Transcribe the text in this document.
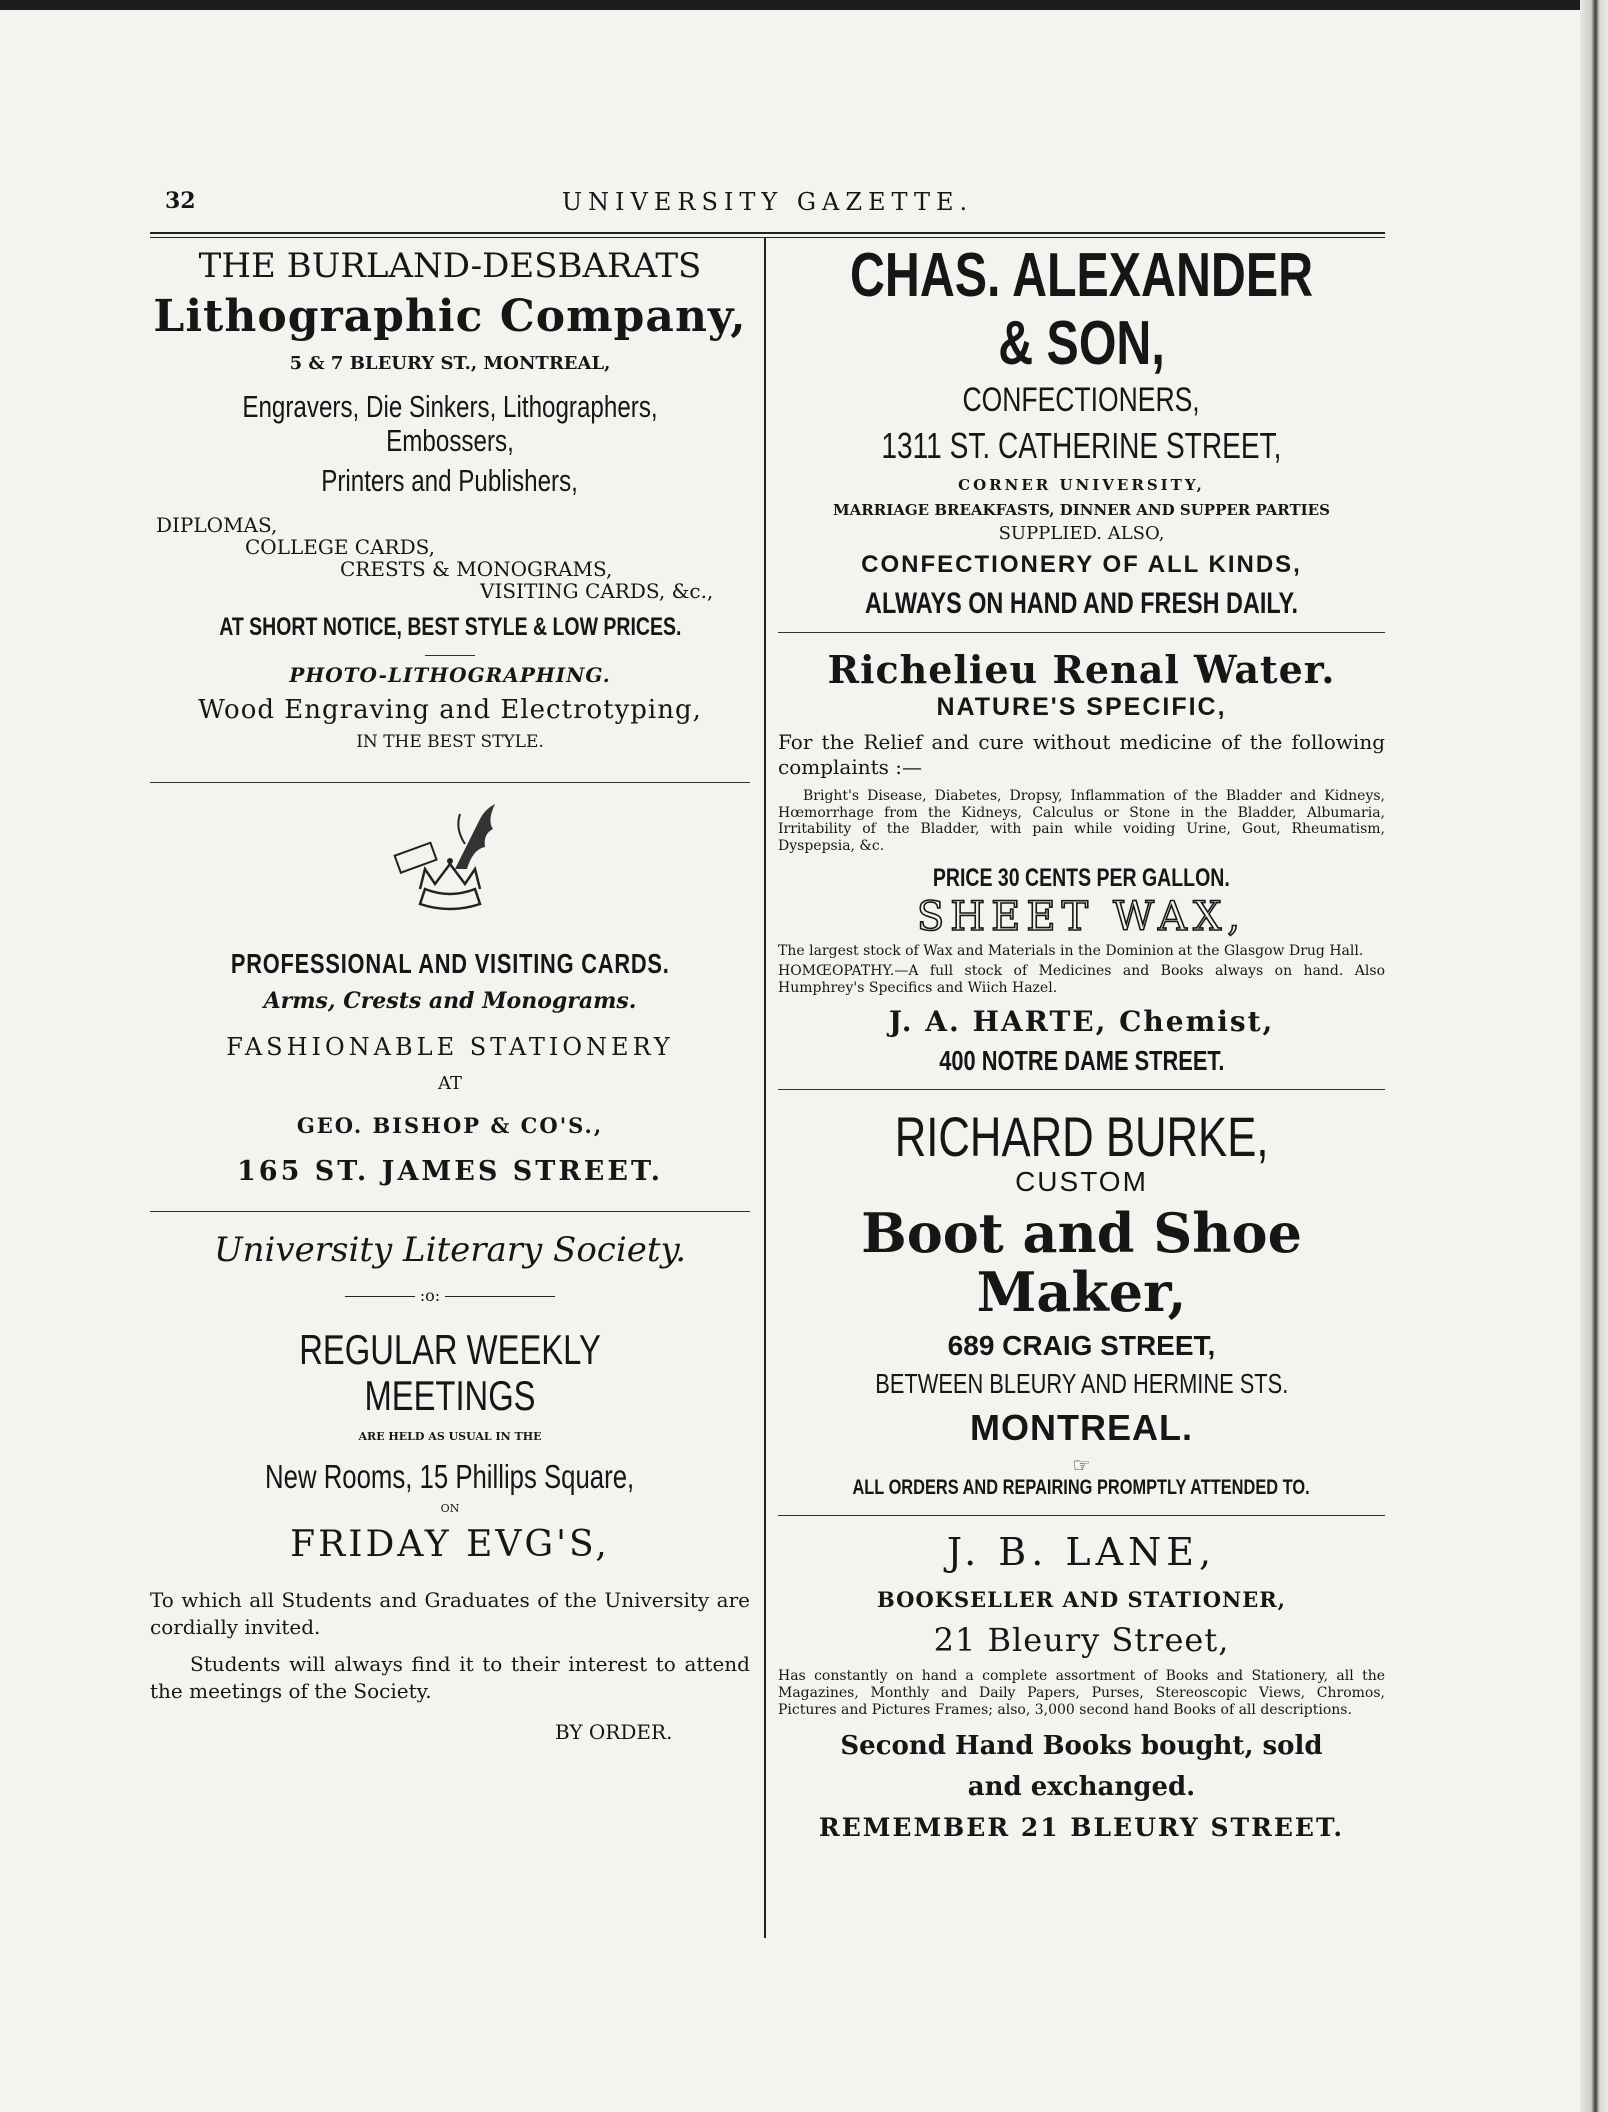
32	UNIVERSITY GAZETTE.

THE BURLAND-DESBARATS

Lithographic Company,

5 & 7 BLEURY ST., MONTREAL,

Engravers, Die Sinkers, Lithographers, Embossers,

Printers and Publishers,

DIPLOMAS,

COLLEGE CARDS,

CRESTS & MONOGRAMS,

VISITING CARDS, &c.,

AT SHORT NOTICE, BEST STYLE & LOW PRICES.

PHOTO-LITHOGRAPHING.

Wood Engraving and Electrotyping,

IN THE BEST STYLE.

PROFESSIONAL AND VISITING CARDS.

Arms, Crests and Monograms.

FASHIONABLE STATIONERY

AT

GEO. BISHOP & CO'S.,

165 ST. JAMES STREET.

University Literary Society.

:o:

REGULAR WEEKLY MEETINGS

ARE HELD AS USUAL IN THE

New Rooms, 15 Phillips Square,

ON

FRIDAY EVG'S,

To which all Students and Graduates of the University are cordially invited.

Students will always find it to their interest to attend the meetings of the Society.

BY ORDER.

CHAS. ALEXANDER & SON,

CONFECTIONERS,

1311 ST. CATHERINE STREET,

CORNER UNIVERSITY,

MARRIAGE BREAKFASTS, DINNER AND SUPPER PARTIES

SUPPLIED. ALSO,

CONFECTIONERY OF ALL KINDS,

ALWAYS ON HAND AND FRESH DAILY.

Richelieu Renal Water.

NATURE'S SPECIFIC,

For the Relief and cure without medicine of the following complaints :—

Bright's Disease, Diabetes, Dropsy, Inflammation of the Bladder and Kidneys, Hœmorrhage from the Kidneys, Calculus or Stone in the Bladder, Albumaria, Irritability of the Bladder, with pain while voiding Urine, Gout, Rheumatism, Dyspepsia, &c.

PRICE 30 CENTS PER GALLON.

SHEET WAX,

The largest stock of Wax and Materials in the Dominion at the Glasgow Drug Hall.

HOMŒOPATHY.—A full stock of Medicines and Books always on hand. Also Humphrey's Specifics and Wiich Hazel.

J. A. HARTE, Chemist,

400 NOTRE DAME STREET.

RICHARD BURKE,

CUSTOM

Boot and Shoe Maker,

689 CRAIG STREET,

BETWEEN BLEURY AND HERMINE STS.

MONTREAL.

☞ ALL ORDERS AND REPAIRING PROMPTLY ATTENDED TO.

J. B. LANE,

BOOKSELLER AND STATIONER,

21 Bleury Street,

Has constantly on hand a complete assortment of Books and Stationery, all the Magazines, Monthly and Daily Papers, Purses, Stereoscopic Views, Chromos, Pictures and Pictures Frames; also, 3,000 second hand Books of all descriptions.

Second Hand Books bought, sold

and exchanged.

REMEMBER 21 BLEURY STREET.
